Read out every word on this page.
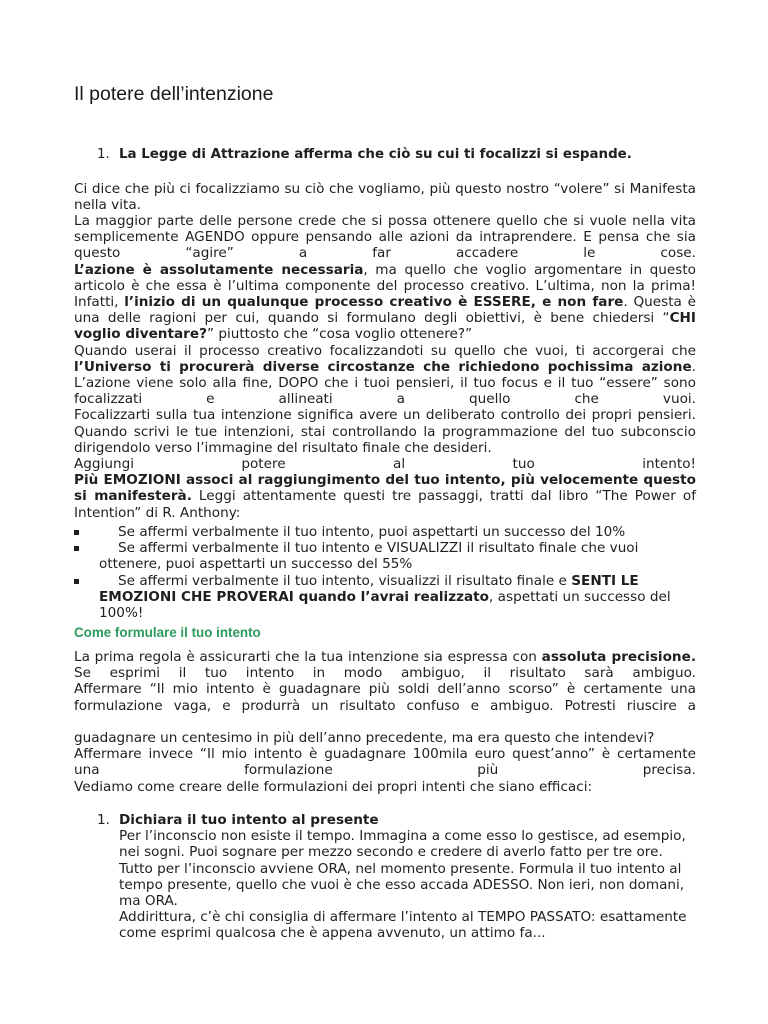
Il potere dell’intenzione
1. La Legge di Attrazione afferma che ciò su cui ti focalizzi si espande.
Ci dice che più ci focalizziamo su ciò che vogliamo, più questo nostro “volere” si Manifesta
nella vita.
La maggior parte delle persone crede che si possa ottenere quello che si vuole nella vita
semplicemente AGENDO oppure pensando alle azioni da intraprendere. E pensa che sia
questo “agire” a far accadere le cose.
L’azione è assolutamente necessaria, ma quello che voglio argomentare in questo
articolo è che essa è l’ultima componente del processo creativo. L’ultima, non la prima!
Infatti, l’inizio di un qualunque processo creativo è ESSERE, e non fare. Questa è
una delle ragioni per cui, quando si formulano degli obiettivi, è bene chiedersi “CHI
voglio diventare?” piuttosto che “cosa voglio ottenere?”
Quando userai il processo creativo focalizzandoti su quello che vuoi, ti accorgerai che
l’Universo ti procurerà diverse circostanze che richiedono pochissima azione.
L’azione viene solo alla fine, DOPO che i tuoi pensieri, il tuo focus e il tuo “essere” sono
focalizzati e allineati a quello che vuoi.
Focalizzarti sulla tua intenzione significa avere un deliberato controllo dei propri pensieri.
Quando scrivi le tue intenzioni, stai controllando la programmazione del tuo subconscio
dirigendolo verso l’immagine del risultato finale che desideri.
Aggiungi potere al tuo intento!
Più EMOZIONI associ al raggiungimento del tuo intento, più velocemente questo
si manifesterà. Leggi attentamente questi tre passaggi, tratti dal libro “The Power of
Intention” di R. Anthony:
Se affermi verbalmente il tuo intento, puoi aspettarti un successo del 10%
Se affermi verbalmente il tuo intento e VISUALIZZI il risultato finale che vuoi
ottenere, puoi aspettarti un successo del 55%
Se affermi verbalmente il tuo intento, visualizzi il risultato finale e SENTI LE
EMOZIONI CHE PROVERAI quando l’avrai realizzato, aspettati un successo del
100%!
Come formulare il tuo intento
La prima regola è assicurarti che la tua intenzione sia espressa con assoluta precisione.
Se esprimi il tuo intento in modo ambiguo, il risultato sarà ambiguo.
Affermare “Il mio intento è guadagnare più soldi dell’anno scorso” è certamente una
formulazione vaga, e produrrà un risultato confuso e ambiguo. Potresti riuscire a
guadagnare un centesimo in più dell’anno precedente, ma era questo che intendevi?
Affermare invece “Il mio intento è guadagnare 100mila euro quest’anno” è certamente
una formulazione più precisa.
Vediamo come creare delle formulazioni dei propri intenti che siano efficaci:
1. Dichiara il tuo intento al presente
Per l’inconscio non esiste il tempo. Immagina a come esso lo gestisce, ad esempio,
nei sogni. Puoi sognare per mezzo secondo e credere di averlo fatto per tre ore.
Tutto per l’inconscio avviene ORA, nel momento presente. Formula il tuo intento al
tempo presente, quello che vuoi è che esso accada ADESSO. Non ieri, non domani,
ma ORA.
Addirittura, c’è chi consiglia di affermare l’intento al TEMPO PASSATO: esattamente
come esprimi qualcosa che è appena avvenuto, un attimo fa...
